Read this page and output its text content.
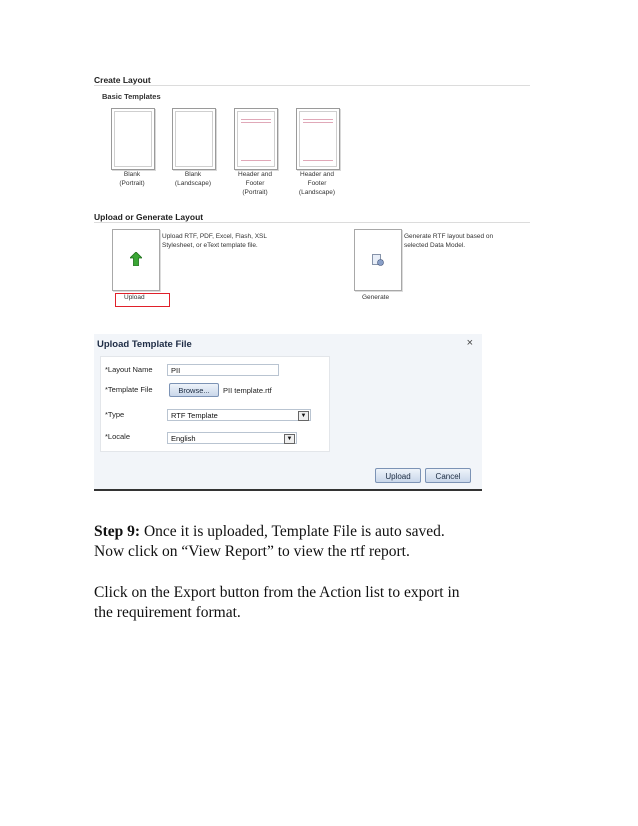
Create Layout
Basic Templates
Blank
(Portrait)
Blank
(Landscape)
Header and
Footer
(Portrait)
Header and
Footer
(Landscape)
Upload or Generate Layout
Upload RTF, PDF, Excel, Flash, XSL
Stylesheet, or eText template file.
Upload
Generate RTF layout based on
selected Data Model.
Generate
Upload Template File	×
*Layout Name	PII
*Template File	Browse...	PII template.rtf
*Type	RTF Template	▼
*Locale	English	▼
Upload	Cancel
Step 9: Once it is uploaded, Template File is auto saved.
Now click on “View Report” to view the rtf report.
Click on the Export button from the Action list to export in
the requirement format.
